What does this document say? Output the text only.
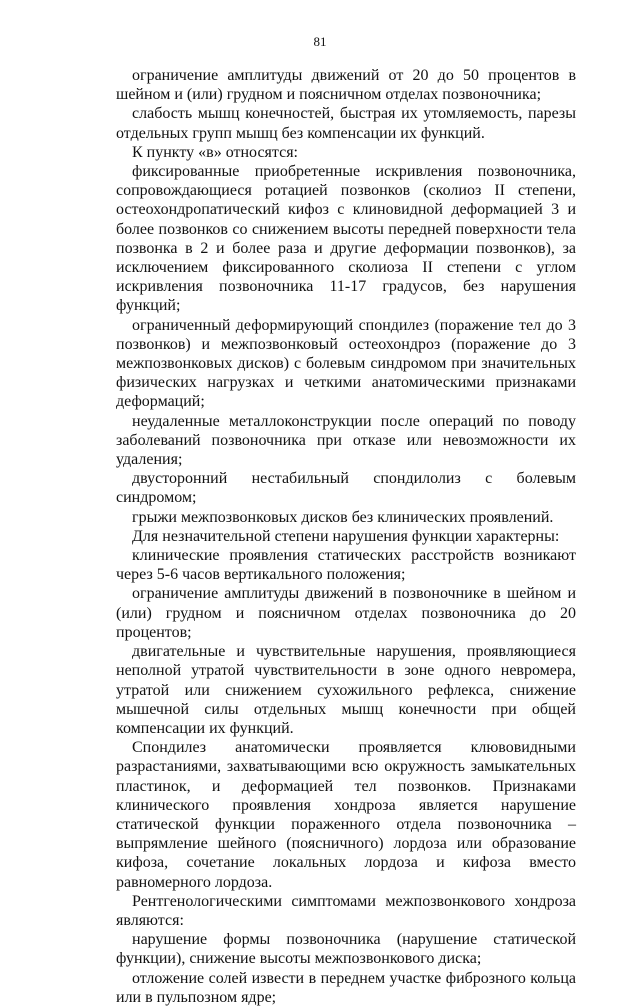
81

ограничение амплитуды движений от 20 до 50 процентов в шейном и (или) грудном и поясничном отделах позвоночника;

слабость мышц конечностей, быстрая их утомляемость, парезы отдельных групп мышц без компенсации их функций.

К пункту «в» относятся:

фиксированные приобретенные искривления позвоночника, сопровождающиеся ротацией позвонков (сколиоз II степени, остеохондропатический кифоз с клиновидной деформацией 3 и более позвонков со снижением высоты передней поверхности тела позвонка в 2 и более раза и другие деформации позвонков), за исключением фиксированного сколиоза II степени с углом искривления позвоночника 11-17 градусов, без нарушения функций;

ограниченный деформирующий спондилез (поражение тел до 3 позвонков) и межпозвонковый остеохондроз (поражение до 3 межпозвонковых дисков) с болевым синдромом при значительных физических нагрузках и четкими анатомическими признаками деформаций;

неудаленные металлоконструкции после операций по поводу заболеваний позвоночника при отказе или невозможности их удаления;

двусторонний нестабильный спондилолиз с болевым синдромом;

грыжи межпозвонковых дисков без клинических проявлений.

Для незначительной степени нарушения функции характерны:

клинические проявления статических расстройств возникают через 5-6 часов вертикального положения;

ограничение амплитуды движений в позвоночнике в шейном и (или) грудном и поясничном отделах позвоночника до 20 процентов;

двигательные и чувствительные нарушения, проявляющиеся неполной утратой чувствительности в зоне одного невромера, утратой или снижением сухожильного рефлекса, снижение мышечной силы отдельных мышц конечности при общей компенсации их функций.

Спондилез анатомически проявляется клювовидными разрастаниями, захватывающими всю окружность замыкательных пластинок, и деформацией тел позвонков. Признаками клинического проявления хондроза является нарушение статической функции пораженного отдела позвоночника – выпрямление шейного (поясничного) лордоза или образование кифоза, сочетание локальных лордоза и кифоза вместо равномерного лордоза.

Рентгенологическими симптомами межпозвонкового хондроза являются:

нарушение формы позвоночника (нарушение статической функции), снижение высоты межпозвонкового диска;

отложение солей извести в переднем участке фиброзного кольца или в пульпозном ядре;
